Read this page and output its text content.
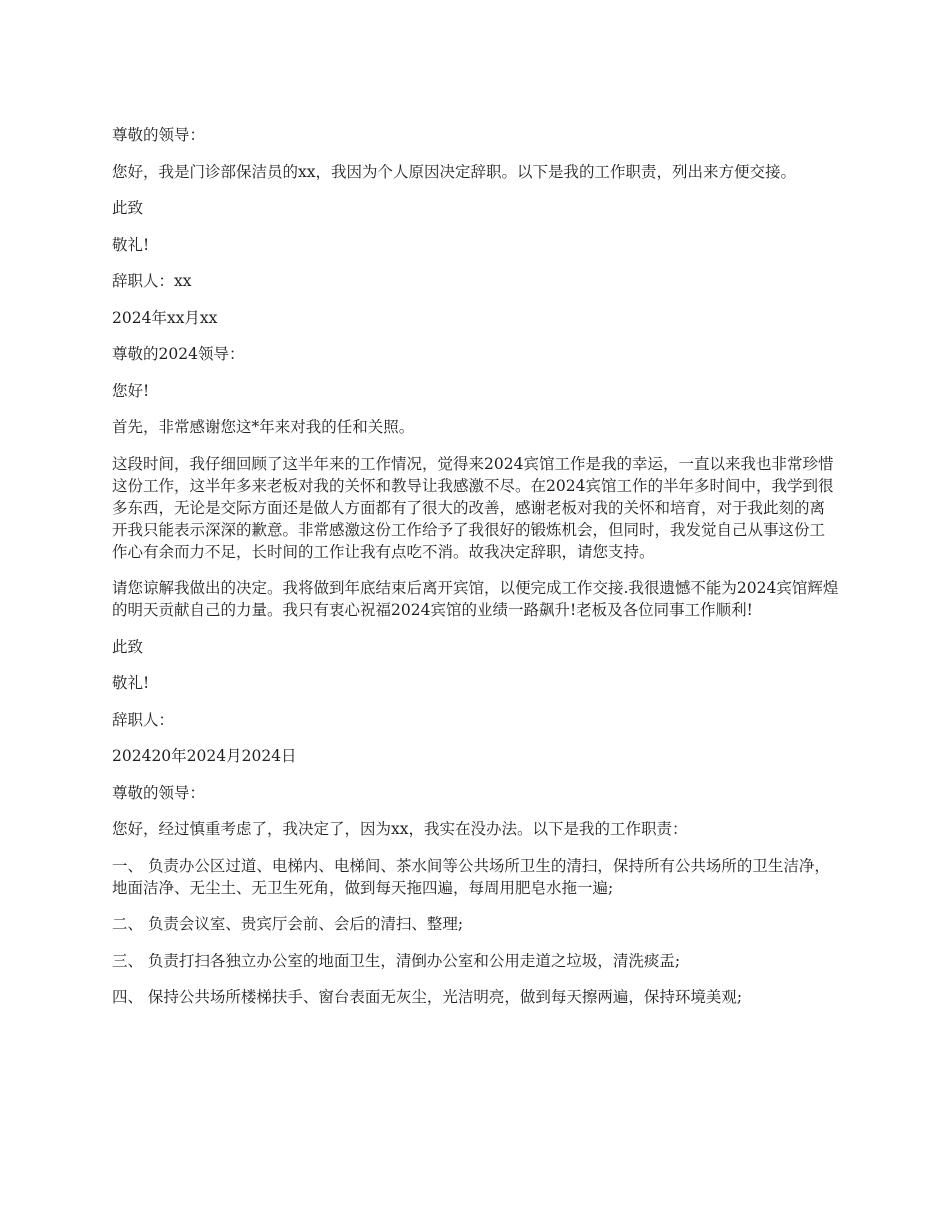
尊敬的领导：

您好，我是门诊部保洁员的xx，我因为个人原因决定辞职。以下是我的工作职责，列出来方便交接。

此致

敬礼!

辞职人：xx

2024年xx月xx

尊敬的2024领导：

您好!

首先，非常感谢您这*年来对我的任和关照。

这段时间，我仔细回顾了这半年来的工作情况，觉得来2024宾馆工作是我的幸运，一直以来我也非常珍惜这份工作，这半年多来老板对我的关怀和教导让我感激不尽。在2024宾馆工作的半年多时间中，我学到很多东西，无论是交际方面还是做人方面都有了很大的改善，感谢老板对我的关怀和培育，对于我此刻的离开我只能表示深深的歉意。非常感激这份工作给予了我很好的锻炼机会，但同时，我发觉自己从事这份工作心有余而力不足，长时间的工作让我有点吃不消。故我决定辞职，请您支持。

请您谅解我做出的决定。我将做到年底结束后离开宾馆，以便完成工作交接.我很遗憾不能为2024宾馆辉煌的明天贡献自己的力量。我只有衷心祝福2024宾馆的业绩一路飙升!老板及各位同事工作顺利!

此致

敬礼!

辞职人：

202420年2024月2024日

尊敬的领导：

您好，经过慎重考虑了，我决定了，因为xx，我实在没办法。以下是我的工作职责：

一、 负责办公区过道、电梯内、电梯间、茶水间等公共场所卫生的清扫，保持所有公共场所的卫生洁净，地面洁净、无尘土、无卫生死角，做到每天拖四遍，每周用肥皂水拖一遍;

二、 负责会议室、贵宾厅会前、会后的清扫、整理;

三、 负责打扫各独立办公室的地面卫生，清倒办公室和公用走道之垃圾，清洗痰盂;

四、 保持公共场所楼梯扶手、窗台表面无灰尘，光洁明亮，做到每天擦两遍，保持环境美观;
